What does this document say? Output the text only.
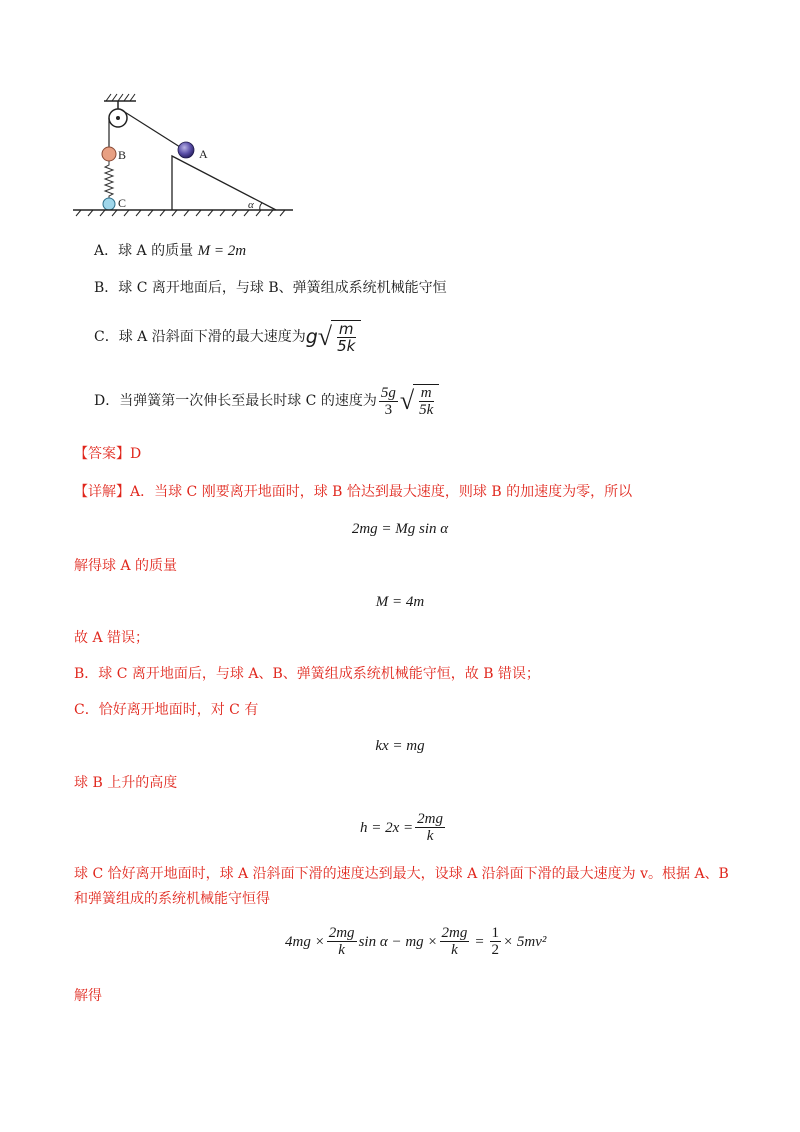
A
B
C	α
A．球 A 的质量 M = 2m
B．球 C 离开地面后，与球 B、弹簧组成系统机械能守恒
C．球 A 沿斜面下滑的最大速度为 g √ $\frac{m}{5k}$
D．当弹簧第一次伸长至最长时球 C 的速度为 $\frac{5g}{3}$ √ $\frac{m}{5k}$
【答案】D
【详解】A．当球 C 刚要离开地面时，球 B 恰达到最大速度，则球 B 的加速度为零，所以
2mg = Mg sin α
解得球 A 的质量
M = 4m
故 A 错误；
B．球 C 离开地面后，与球 A、B、弹簧组成系统机械能守恒，故 B 错误；
C．恰好离开地面时，对 C 有
kx = mg
球 B 上升的高度
$h = 2x = \frac{2mg}{k}$
球 C 恰好离开地面时，球 A 沿斜面下滑的速度达到最大，设球 A 沿斜面下滑的最大速度为 v。根据 A、B
和弹簧组成的系统机械能守恒得
$4mg \times \frac{2mg}{k}$ sin α − mg × $\frac{2mg}{k} = \frac{1}{2} \times 5mv^2$
解得
